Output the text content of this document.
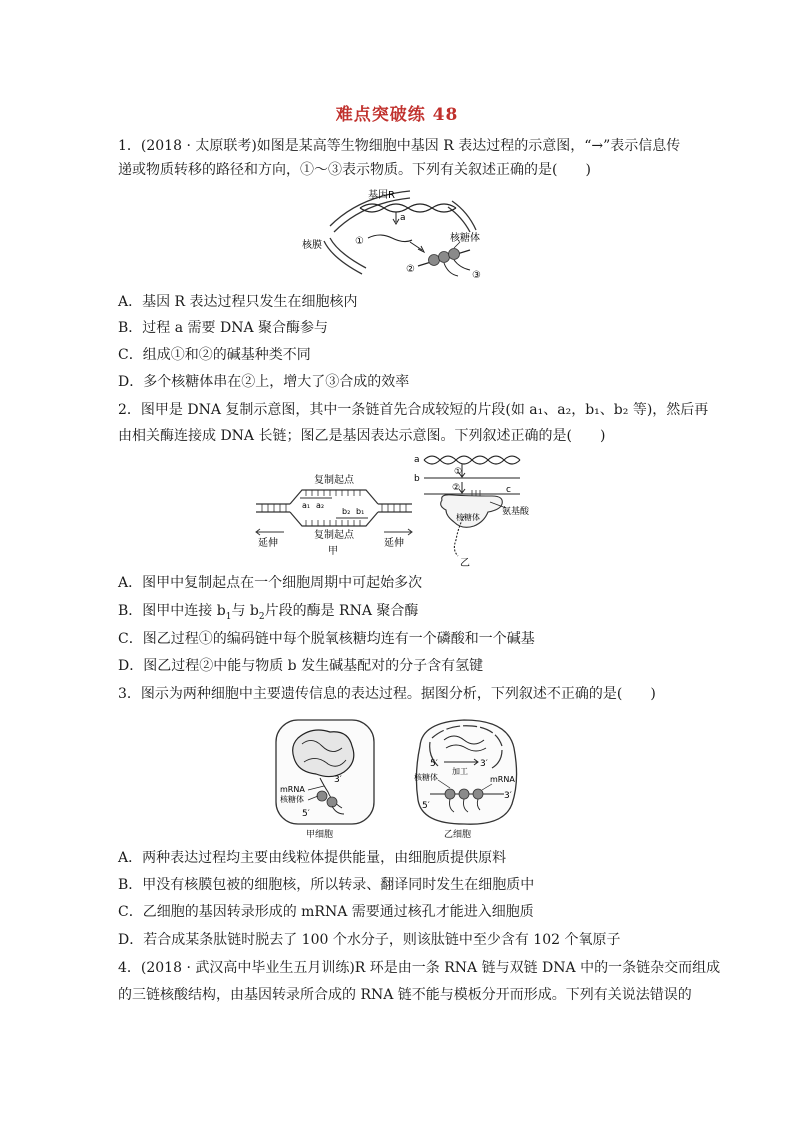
难点突破练 48
1．(2018 · 太原联考)如图是某高等生物细胞中基因 R 表达过程的示意图，“→”表示信息传
递或物质转移的路径和方向，①～③表示物质。下列有关叙述正确的是(　　)
基因R
a
①
核膜
核糖体
②
③
A．基因 R 表达过程只发生在细胞核内
B．过程 a 需要 DNA 聚合酶参与
C．组成①和②的碱基种类不同
D．多个核糖体串在②上，增大了③合成的效率
2．图甲是 DNA 复制示意图，其中一条链首先合成较短的片段(如 a₁、a₂，b₁、b₂ 等)，然后再
由相关酶连接成 DNA 长链；图乙是基因表达示意图。下列叙述正确的是(　　)
复制起点
a₁ a₂
b₂ b₁
复制起点
延伸	延伸
甲
a
b
c
①
②
核糖体
氨基酸
乙
A．图甲中复制起点在一个细胞周期中可起始多次
B．图甲中连接 $b_1$与 $b_2$片段的酶是 RNA 聚合酶
C．图乙过程①的编码链中每个脱氧核糖均连有一个磷酸和一个碱基
D．图乙过程②中能与物质 b 发生碱基配对的分子含有氢键
3．图示为两种细胞中主要遗传信息的表达过程。据图分析，下列叙述不正确的是(　　)
3′
mRNA
核糖体
5′
甲细胞
5′
加工
3′
核糖体	mRNA
5′
3′
乙细胞
A．两种表达过程均主要由线粒体提供能量，由细胞质提供原料
B．甲没有核膜包被的细胞核，所以转录、翻译同时发生在细胞质中
C．乙细胞的基因转录形成的 mRNA 需要通过核孔才能进入细胞质
D．若合成某条肽链时脱去了 100 个水分子，则该肽链中至少含有 102 个氧原子
4．(2018 · 武汉高中毕业生五月训练)R 环是由一条 RNA 链与双链 DNA 中的一条链杂交而组成
的三链核酸结构，由基因转录所合成的 RNA 链不能与模板分开而形成。下列有关说法错误的
